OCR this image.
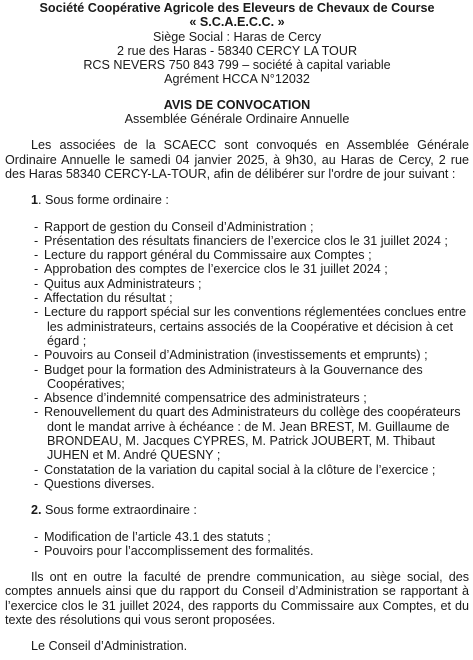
Société Coopérative Agricole des Eleveurs de Chevaux de Course
« S.C.A.E.C.C. »
Siège Social : Haras de Cercy
2 rue des Haras - 58340 CERCY LA TOUR
RCS NEVERS 750 843 799 – société à capital variable
Agrément HCCA N°12032
AVIS DE CONVOCATION
Assemblée Générale Ordinaire Annuelle
Les associées de la SCAECC sont convoqués en Assemblée Générale Ordinaire Annuelle le samedi 04 janvier 2025, à 9h30, au Haras de Cercy, 2 rue des Haras 58340 CERCY-LA-TOUR, afin de délibérer sur l'ordre de jour suivant :
1. Sous forme ordinaire :
- Rapport de gestion du Conseil d’Administration ;
- Présentation des résultats financiers de l’exercice clos le 31 juillet 2024 ;
- Lecture du rapport général du Commissaire aux Comptes ;
- Approbation des comptes de l’exercice clos le 31 juillet 2024 ;
- Quitus aux Administrateurs ;
- Affectation du résultat ;
- Lecture du rapport spécial sur les conventions réglementées conclues entre les administrateurs, certains associés de la Coopérative et décision à cet égard ;
- Pouvoirs au Conseil d’Administration (investissements et emprunts) ;
- Budget pour la formation des Administrateurs à la Gouvernance des Coopératives;
- Absence d’indemnité compensatrice des administrateurs ;
- Renouvellement du quart des Administrateurs du collège des coopérateurs dont le mandat arrive à échéance : de M. Jean BREST, M. Guillaume de BRONDEAU, M. Jacques CYPRES, M. Patrick JOUBERT, M. Thibaut JUHEN et M. André QUESNY ;
- Constatation de la variation du capital social à la clôture de l’exercice ;
- Questions diverses.
2. Sous forme extraordinaire :
- Modification de l’article 43.1 des statuts ;
- Pouvoirs pour l’accomplissement des formalités.
Ils ont en outre la faculté de prendre communication, au siège social, des comptes annuels ainsi que du rapport du Conseil d’Administration se rapportant à l’exercice clos le 31 juillet 2024, des rapports du Commissaire aux Comptes, et du texte des résolutions qui vous seront proposées.
Le Conseil d’Administration.
